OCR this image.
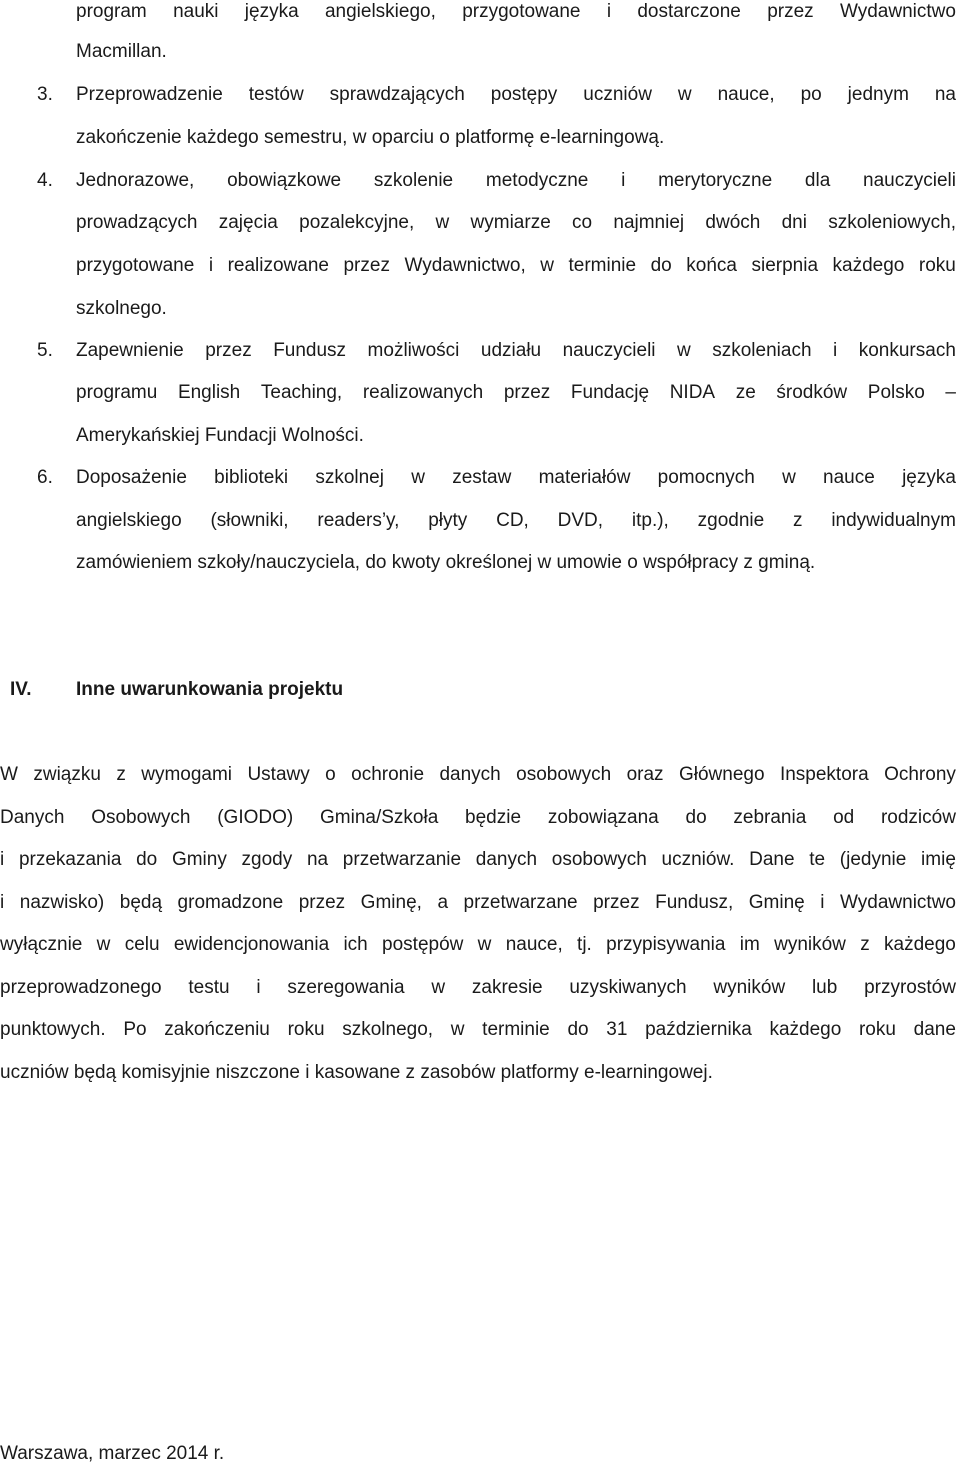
program nauki języka angielskiego, przygotowane i dostarczone przez Wydawnictwo
Macmillan.
3. Przeprowadzenie testów sprawdzających postępy uczniów w nauce, po jednym na
zakończenie każdego semestru, w oparciu o platformę e-learningową.
4. Jednorazowe, obowiązkowe szkolenie metodyczne i merytoryczne dla nauczycieli
prowadzących zajęcia pozalekcyjne, w wymiarze co najmniej dwóch dni szkoleniowych,
przygotowane i realizowane przez Wydawnictwo, w terminie do końca sierpnia każdego roku
szkolnego.
5. Zapewnienie przez Fundusz możliwości udziału nauczycieli w szkoleniach i konkursach
programu English Teaching, realizowanych przez Fundację NIDA ze środków Polsko –
Amerykańskiej Fundacji Wolności.
6. Doposażenie biblioteki szkolnej w zestaw materiałów pomocnych w nauce języka
angielskiego (słowniki, readers’y, płyty CD, DVD, itp.), zgodnie z indywidualnym
zamówieniem szkoły/nauczyciela, do kwoty określonej w umowie o współpracy z gminą.
IV. Inne uwarunkowania projektu
W związku z wymogami Ustawy o ochronie danych osobowych oraz Głównego Inspektora Ochrony
Danych Osobowych (GIODO) Gmina/Szkoła będzie zobowiązana do zebrania od rodziców
i przekazania do Gminy zgody na przetwarzanie danych osobowych uczniów. Dane te (jedynie imię
i nazwisko) będą gromadzone przez Gminę, a przetwarzane przez Fundusz, Gminę i Wydawnictwo
wyłącznie w celu ewidencjonowania ich postępów w nauce, tj. przypisywania im wyników z każdego
przeprowadzonego testu i szeregowania w zakresie uzyskiwanych wyników lub przyrostów
punktowych. Po zakończeniu roku szkolnego, w terminie do 31 października każdego roku dane
uczniów będą komisyjnie niszczone i kasowane z zasobów platformy e-learningowej.
Warszawa, marzec 2014 r.
